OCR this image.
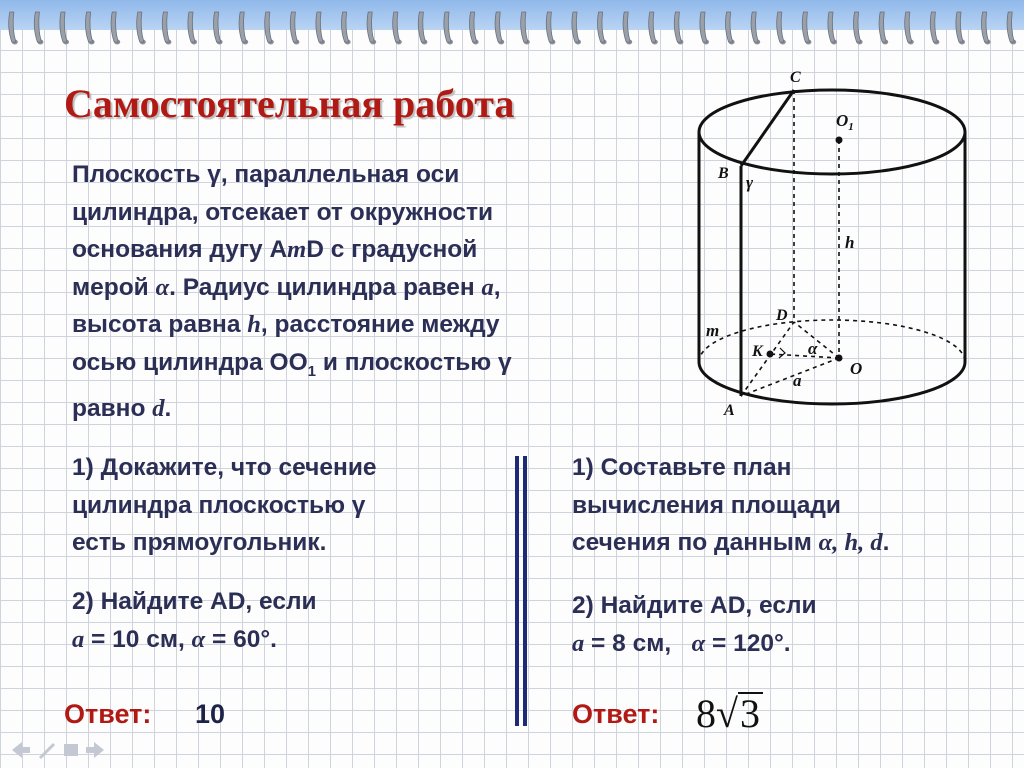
Самостоятельная работа

Плоскость γ, параллельная оси
цилиндра, отсекает от окружности
основания дугу AmD с градусной
мерой α. Радиус цилиндра равен a,
высота равна h, расстояние между
осью цилиндра $OO_1$ и плоскостью γ
равно d.

C
$O_1$
B γ
h
D
m
K	α
O
a
A

1) Докажите, что сечение
цилиндра плоскостью γ
есть прямоугольник.

2) Найдите AD, если
a = 10 см, α = 60°.

Ответ: 10

1) Составьте план
вычисления площади
сечения по данным α, h, d.

2) Найдите AD, если
a = 8 см,   α = 120°.

Ответ: 8√3
